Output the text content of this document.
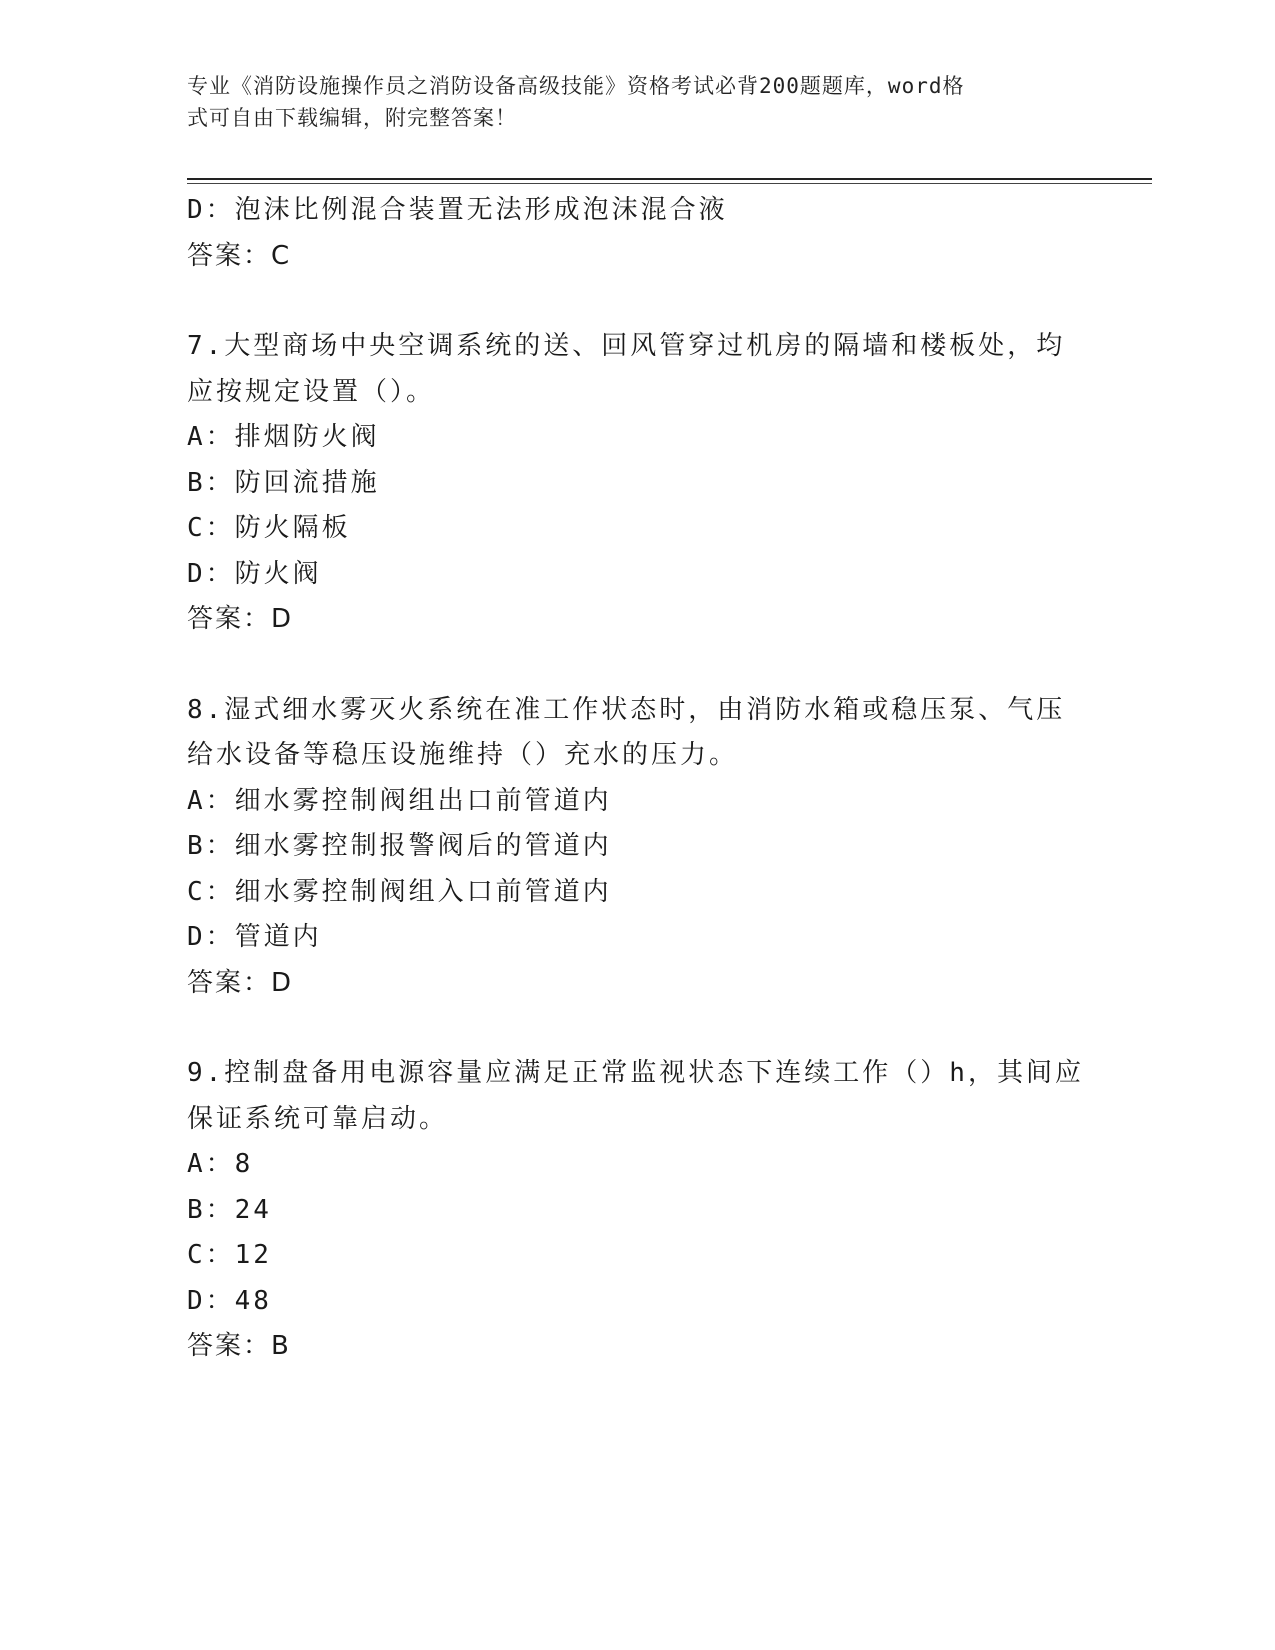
专业《消防设施操作员之消防设备高级技能》资格考试必背200题题库，word格
式可自由下载编辑，附完整答案！
D：泡沫比例混合装置无法形成泡沫混合液
答案：C
7.大型商场中央空调系统的送、回风管穿过机房的隔墙和楼板处，均
应按规定设置（）。
A：排烟防火阀
B：防回流措施
C：防火隔板
D：防火阀
答案：D
8.湿式细水雾灭火系统在准工作状态时，由消防水箱或稳压泵、气压
给水设备等稳压设施维持（）充水的压力。
A：细水雾控制阀组出口前管道内
B：细水雾控制报警阀后的管道内
C：细水雾控制阀组入口前管道内
D：管道内
答案：D
9.控制盘备用电源容量应满足正常监视状态下连续工作（）h，其间应
保证系统可靠启动。
A：8
B：24
C：12
D：48
答案：B
